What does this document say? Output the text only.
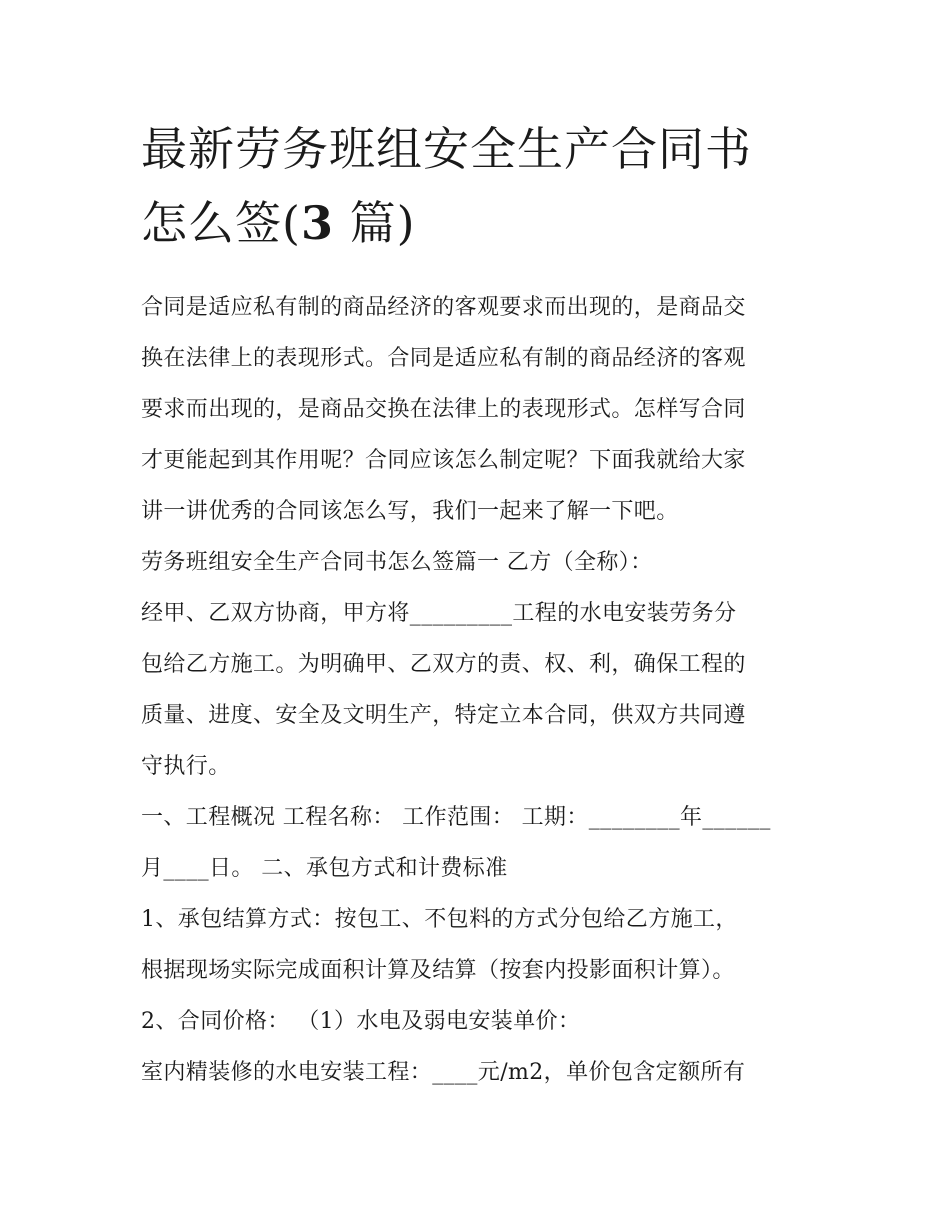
最新劳务班组安全生产合同书
怎么签(3 篇)
合同是适应私有制的商品经济的客观要求而出现的，是商品交
换在法律上的表现形式。合同是适应私有制的商品经济的客观
要求而出现的，是商品交换在法律上的表现形式。怎样写合同
才更能起到其作用呢？合同应该怎么制定呢？下面我就给大家
讲一讲优秀的合同该怎么写，我们一起来了解一下吧。
劳务班组安全生产合同书怎么签篇一 乙方（全称）：
经甲、乙双方协商，甲方将_________工程的水电安装劳务分
包给乙方施工。为明确甲、乙双方的责、权、利，确保工程的
质量、进度、安全及文明生产，特定立本合同，供双方共同遵
守执行。
一、工程概况 工程名称： 工作范围： 工期：________年______
月____日。 二、承包方式和计费标准
1、承包结算方式：按包工、不包料的方式分包给乙方施工，
根据现场实际完成面积计算及结算（按套内投影面积计算）。
2、合同价格： （1）水电及弱电安装单价：
室内精装修的水电安装工程：____元/m2，单价包含定额所有
